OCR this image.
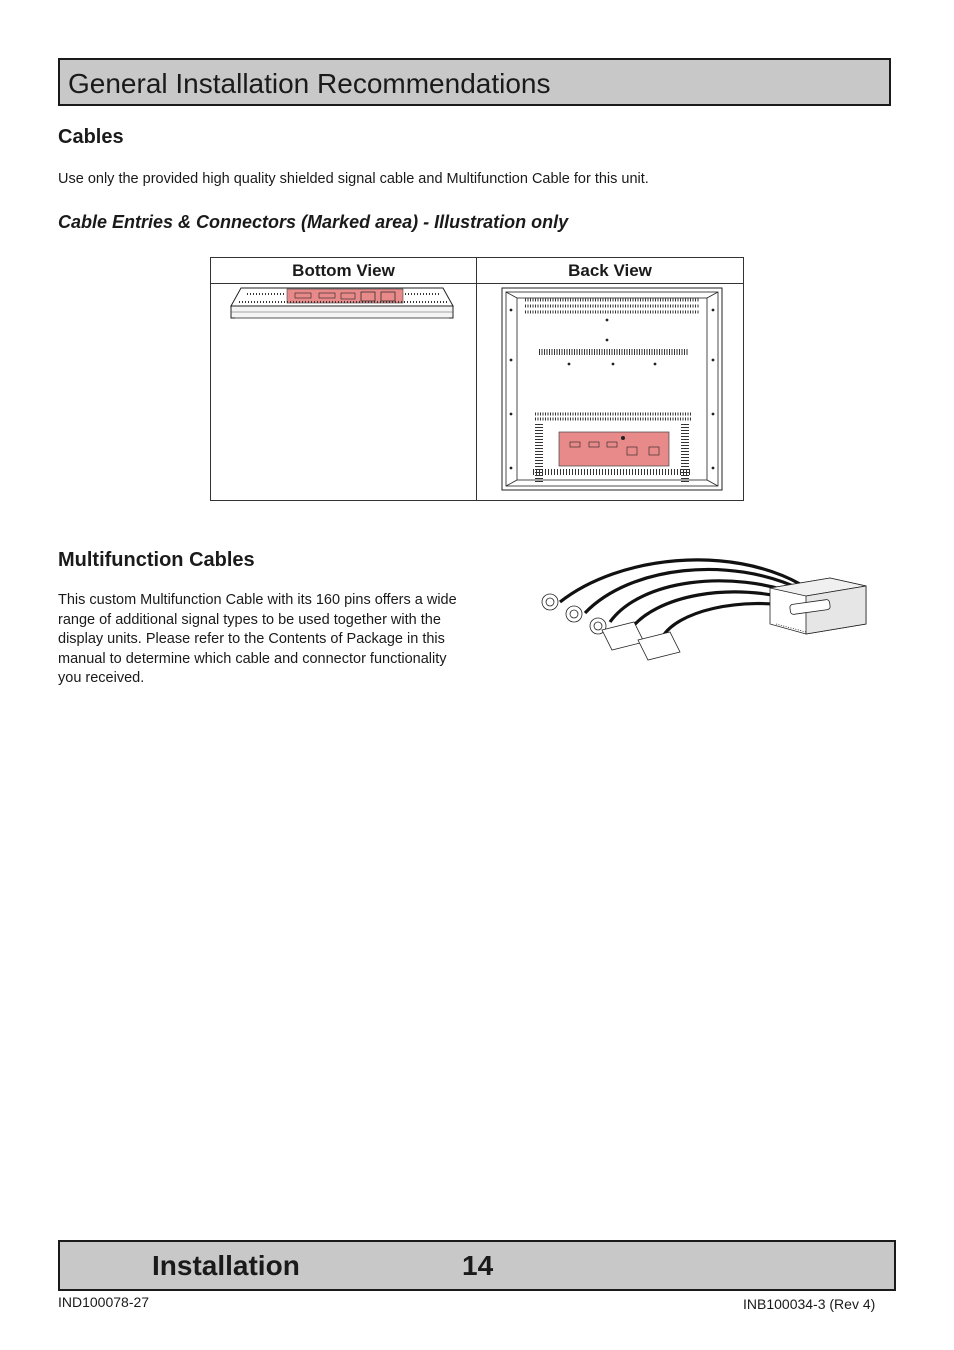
General Installation Recommendations
Cables
Use only the provided high quality shielded signal cable and Multifunction Cable for this unit.
Cable Entries & Connectors (Marked area) - Illustration only
Bottom View	Back View

Multifunction Cables
This custom Multifunction Cable with its 160 pins offers a wide range of additional signal types to be used together with the display units. Please refer to the Contents of Package in this manual to determine which cable and connector functionality you received.
Installation	14
IND100078-27	INB100034-3 (Rev 4)
